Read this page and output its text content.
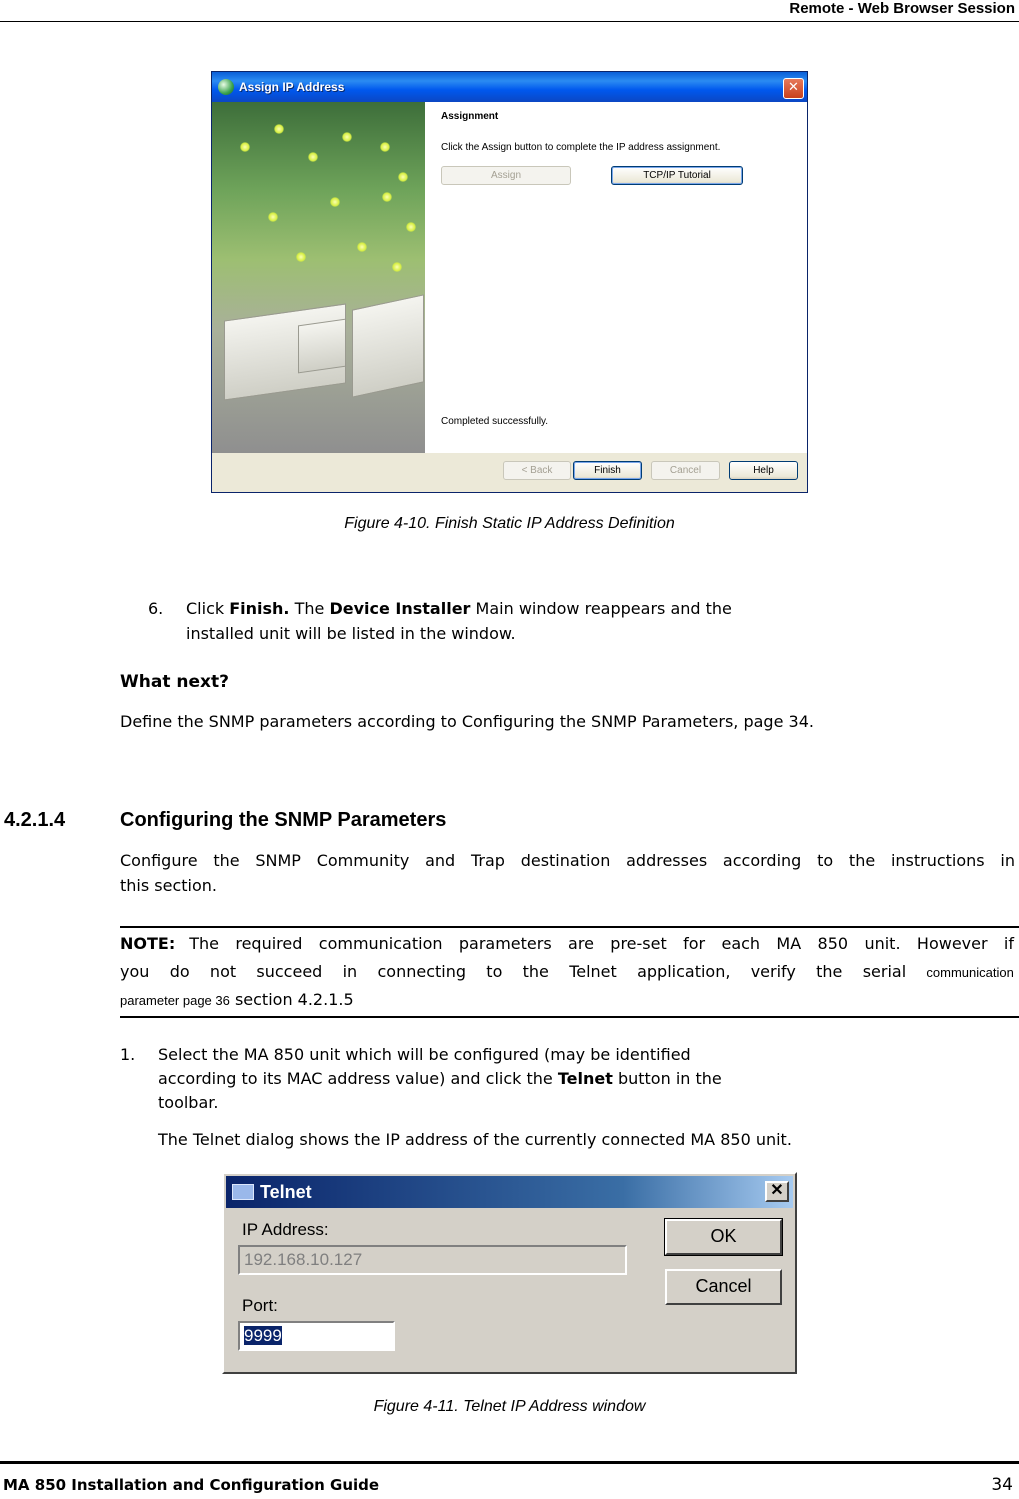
Remote - Web Browser Session
Assign IP Address	✕
Assignment
Click the Assign button to complete the IP address assignment.
Assign	TCP/IP Tutorial
Completed successfully.
< Back	Finish	Cancel	Help
Figure 4-10. Finish Static IP Address Definition
6. Click Finish. The Device Installer Main window reappears and the
installed unit will be listed in the window.
What next?
Define the SNMP parameters according to Configuring the SNMP Parameters, page 34.
4.2.1.4	Configuring the SNMP Parameters
Configure the SNMP Community and Trap destination addresses according to the instructions in
this section.
NOTE: The required communication parameters are pre-set for each MA 850 unit. However if
you do not succeed in connecting to the Telnet application, verify the serial communication
parameter page 36 section 4.2.1.5
1. Select the MA 850 unit which will be configured (may be identified
according to its MAC address value) and click the Telnet button in the
toolbar.
The Telnet dialog shows the IP address of the currently connected MA 850 unit.
Telnet	✕
IP Address:
192.168.10.127
Port:
9999
OK
Cancel
Figure 4-11. Telnet IP Address window
MA 850 Installation and Configuration Guide	34
